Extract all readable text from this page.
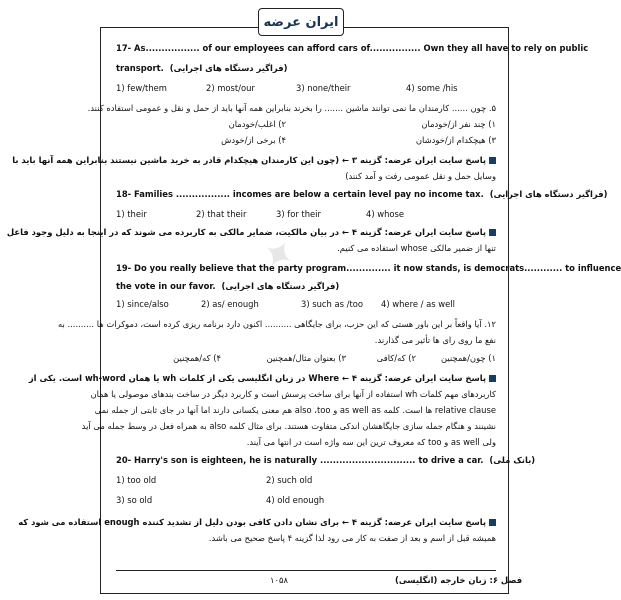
ایران عرضه
✦
17- As................. of our employees can afford cars of................ Own they all have to rely on public
transport. (فراگیر دستگاه های اجرایی)
1) few/them	2) most/our	3) none/their	4) some /his
۵. چون ...... کارمندان ما نمی توانند ماشین ....... را بخرند بنابراین همه آنها باید از حمل و نقل و عمومی استفاده کنند.
۱) چند نفر از/خودمان
۲) اغلب/خودمان
۳) هیچکدام از/خودشان
۴) برخی از/خودش
پاسخ سایت ایران عرضه: گزینه ۳ ← (چون این کارمندان هیچکدام قادر به خرید ماشین نیستند بنابراین همه آنها باید با
وسایل حمل و نقل عمومی رفت و آمد کنند)
18- Families ................. incomes are below a certain level pay no income tax. (فراگیر دستگاه های اجرایی)
1) their	2) that their	3) for their	4) whose
پاسخ سایت ایران عرضه: گزینه ۴ ← در بیان مالکیت، ضمایر مالکی به کاربرده می شوند که در اینجا به دلیل وجود فاعل
تنها از ضمیر مالکی whose استفاده می کنیم.
19- Do you really believe that the party program.............. it now stands, is democrats............ to influence
the vote in our favor. (فراگیر دستگاه های اجرایی)
1) since/also	2) as/ enough	3) such as /too	4) where / as well
۱۲. آیا واقعاً بر این باور هستی که این حزب، برای جایگاهی .......... اکنون دارد برنامه ریزی کرده است، دموکرات ها .......... به
نفع ما روی رای ها تأثیر می گذارند.
۱) چون/همچنین
۲) که/کافی
۳) بعنوان مثال/همچنین
۴) که/همچنین
پاسخ سایت ایران عرضه: گزینه ۴ ← Where در زبان انگلیسی یکی از کلمات wh یا همان wh-word است. یکی از
کاربردهای مهم کلمات wh استفاده از آنها برای ساخت پرسش است و کاربرد دیگر در ساخت بندهای موصولی یا همان
relative clause ها است. کلمه as well as و also ،too هم معنی یکسانی دارند اما آنها در جای ثابتی از جمله نمی
نشینند و هنگام جمله سازی جایگاهشان اندکی متفاوت هستند. برای مثال کلمه also به همراه فعل در وسط جمله می آید
ولی as well و too که معروف ترین این سه واژه است در انتها می آیند.
20- Harry's son is eighteen, he is naturally .............................. to drive a car. (بانک ملی)
1) too old	2) such old
3) so old	4) old enough
پاسخ سایت ایران عرضه: گزینه ۴ ← برای نشان دادن کافی بودن دلیل از تشدید کننده enough استفاده می شود که
همیشه قبل از اسم و بعد از صفت به کار می رود لذا گزینه ۴ پاسخ صحیح می باشد.
۱۰۵۸	فصل ۶: زبان خارجه (انگلیسی)
